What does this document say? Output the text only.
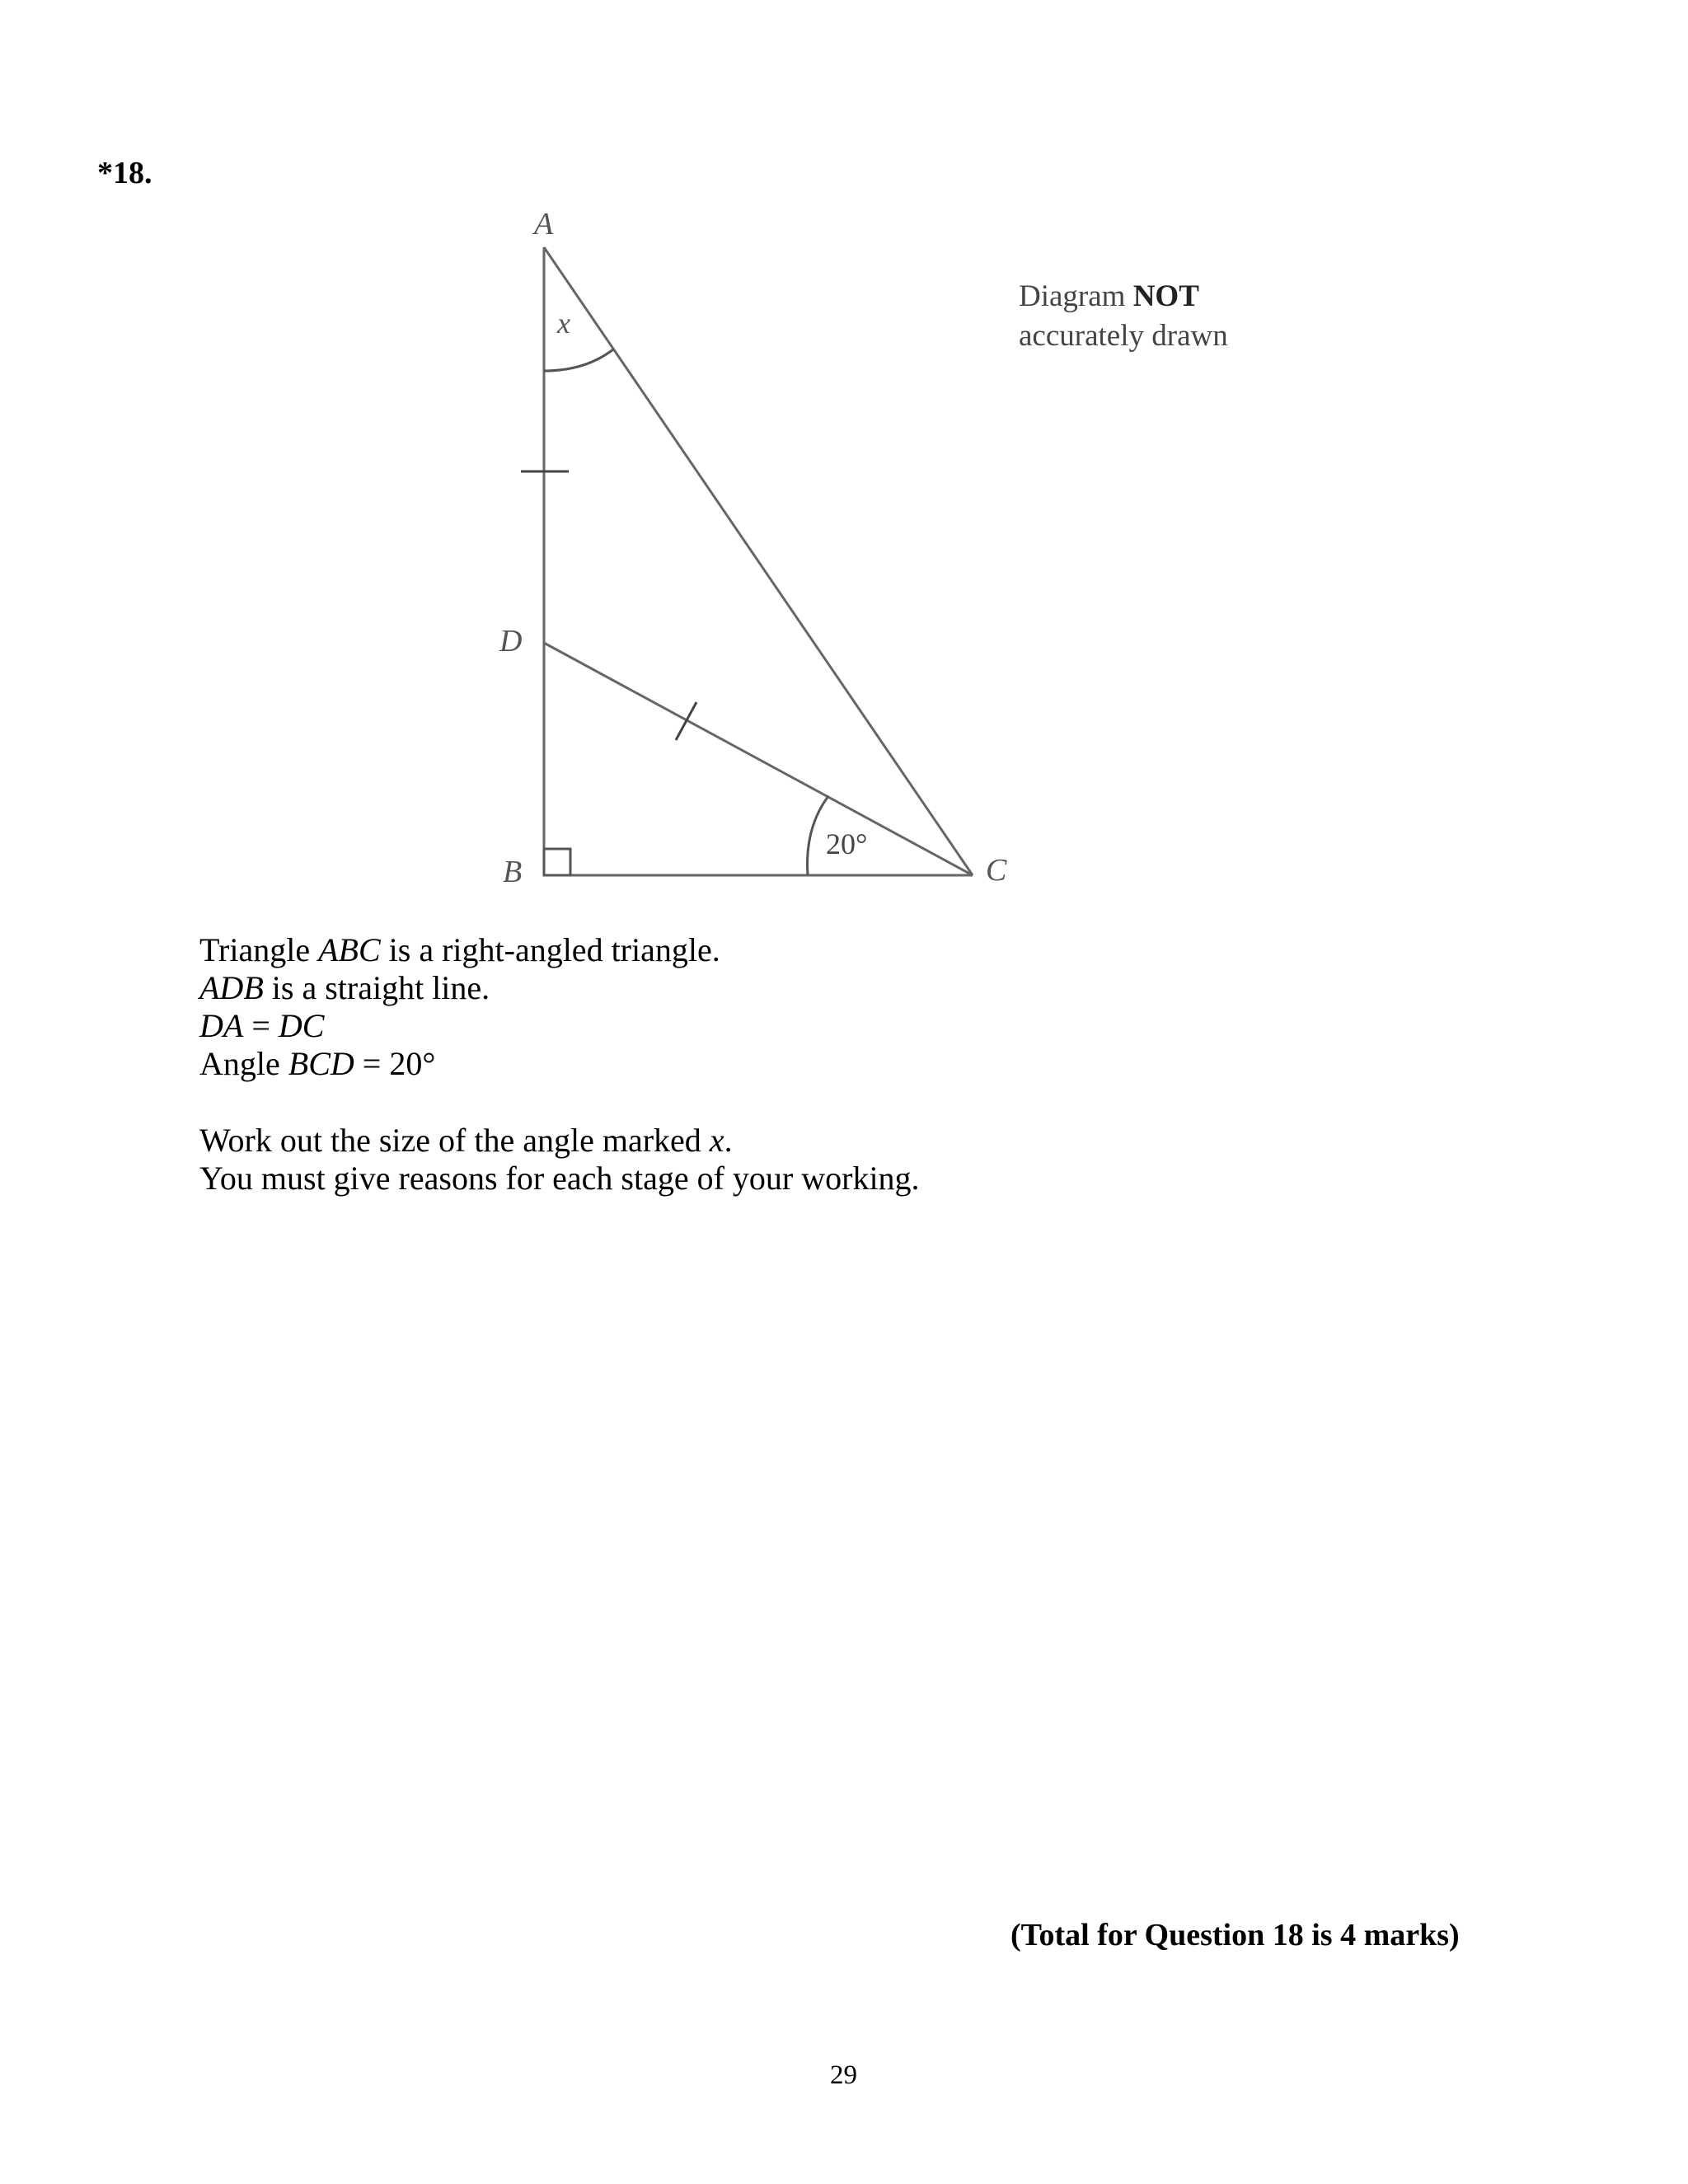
*18.
A
D
B	C
x
20°
Diagram NOT
accurately drawn
Triangle ABC is a right-angled triangle.
ADB is a straight line.
DA = DC
Angle BCD = 20°
Work out the size of the angle marked x.
You must give reasons for each stage of your working.
(Total for Question 18 is 4 marks)
29
